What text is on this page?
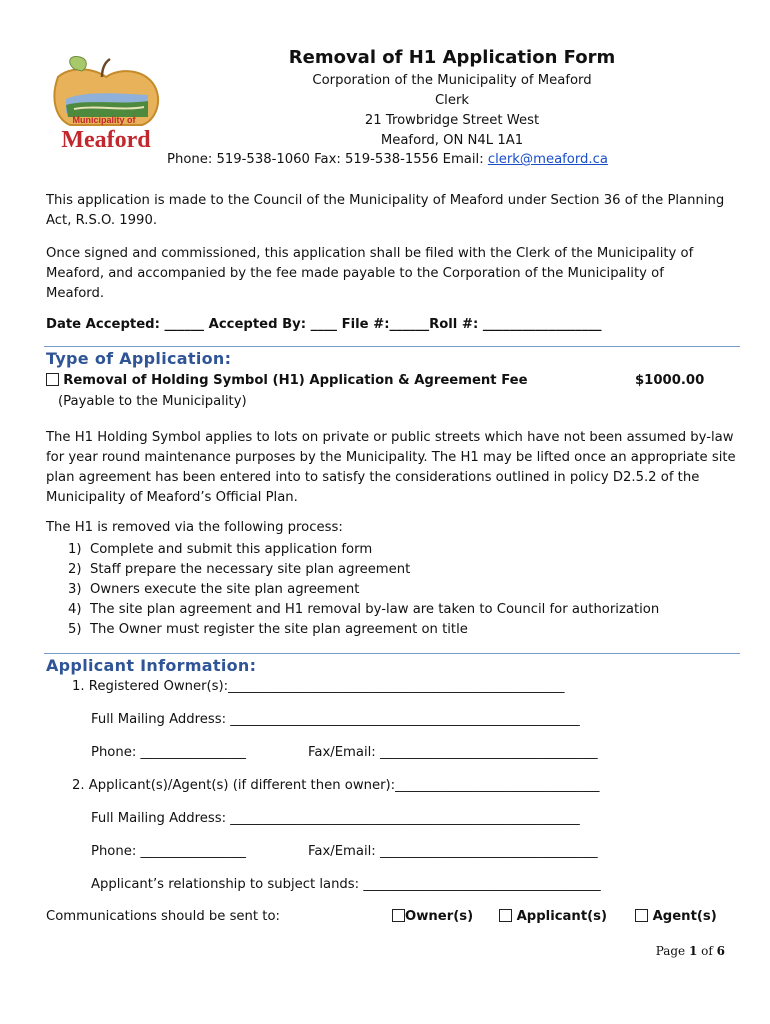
Municipality of
Meaford
Removal of H1 Application Form
Corporation of the Municipality of Meaford
Clerk
21 Trowbridge Street West
Meaford, ON N4L 1A1
Phone: 519-538-1060 Fax: 519-538-1556 Email: clerk@meaford.ca
This application is made to the Council of the Municipality of Meaford under Section 36 of the Planning Act, R.S.O. 1990.
Once signed and commissioned, this application shall be filed with the Clerk of the Municipality of Meaford, and accompanied by the fee made payable to the Corporation of the Municipality of Meaford.
Date Accepted: ______ Accepted By: ____ File #:______Roll #: __________________
Type of Application:
Removal of Holding Symbol (H1) Application & Agreement Fee	$1000.00
(Payable to the Municipality)
The H1 Holding Symbol applies to lots on private or public streets which have not been assumed by-law for year round maintenance purposes by the Municipality. The H1 may be lifted once an appropriate site plan agreement has been entered into to satisfy the considerations outlined in policy D2.5.2 of the Municipality of Meaford’s Official Plan.
The H1 is removed via the following process:
1) Complete and submit this application form
2) Staff prepare the necessary site plan agreement
3) Owners execute the site plan agreement
4) The site plan agreement and H1 removal by-law are taken to Council for authorization
5) The Owner must register the site plan agreement on title
Applicant Information:
1. Registered Owner(s):___________________________________________________
Full Mailing Address: _____________________________________________________
Phone: ________________	Fax/Email: _________________________________
2. Applicant(s)/Agent(s) (if different then owner):_______________________________
Full Mailing Address: _____________________________________________________
Phone: ________________	Fax/Email: _________________________________
Applicant’s relationship to subject lands: ____________________________________
Communications should be sent to:	Owner(s)	Applicant(s)	Agent(s)
Page 1 of 6
